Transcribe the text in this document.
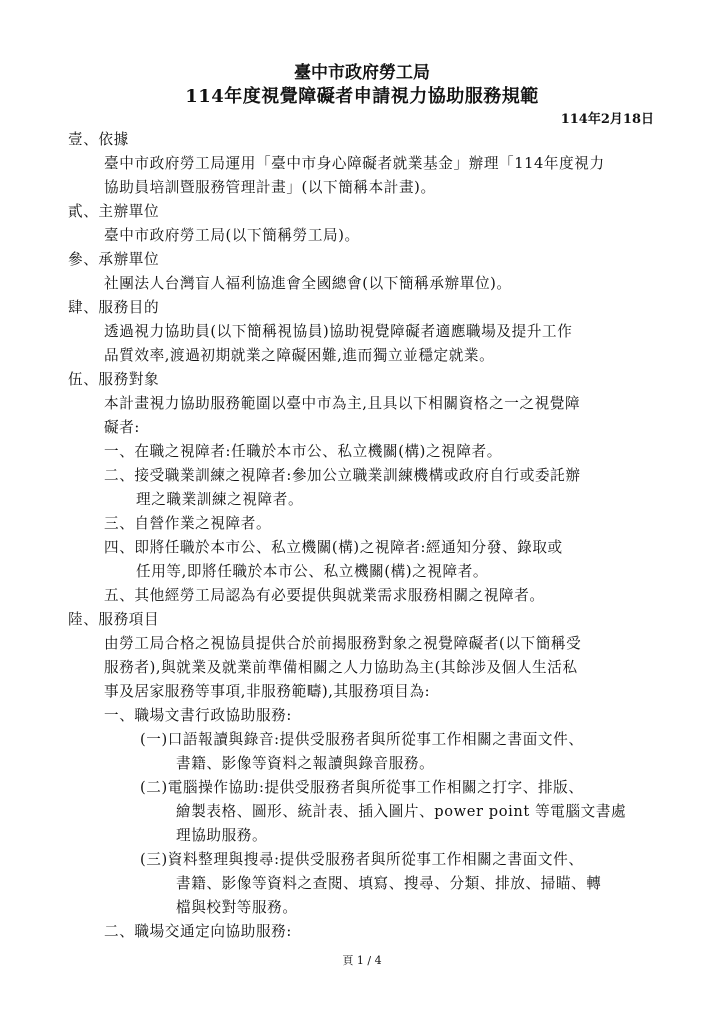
臺中市政府勞工局
114年度視覺障礙者申請視力協助服務規範
114年2月18日
壹、依據
臺中市政府勞工局運用「臺中市身心障礙者就業基金」辦理「114年度視力
協助員培訓暨服務管理計畫」(以下簡稱本計畫)。
貳、主辦單位
臺中市政府勞工局(以下簡稱勞工局)。
參、承辦單位
社團法人台灣盲人福利協進會全國總會(以下簡稱承辦單位)。
肆、服務目的
透過視力協助員(以下簡稱視協員)協助視覺障礙者適應職場及提升工作
品質效率,渡過初期就業之障礙困難,進而獨立並穩定就業。
伍、服務對象
本計畫視力協助服務範圍以臺中市為主,且具以下相關資格之一之視覺障
礙者:
一、在職之視障者:任職於本市公、私立機關(構)之視障者。
二、接受職業訓練之視障者:參加公立職業訓練機構或政府自行或委託辦
理之職業訓練之視障者。
三、自營作業之視障者。
四、即將任職於本市公、私立機關(構)之視障者:經通知分發、錄取或
任用等,即將任職於本市公、私立機關(構)之視障者。
五、其他經勞工局認為有必要提供與就業需求服務相關之視障者。
陸、服務項目
由勞工局合格之視協員提供合於前揭服務對象之視覺障礙者(以下簡稱受
服務者),與就業及就業前準備相關之人力協助為主(其餘涉及個人生活私
事及居家服務等事項,非服務範疇),其服務項目為:
一、職場文書行政協助服務:
(一)口語報讀與錄音:提供受服務者與所從事工作相關之書面文件、
書籍、影像等資料之報讀與錄音服務。
(二)電腦操作協助:提供受服務者與所從事工作相關之打字、排版、
繪製表格、圖形、統計表、插入圖片、power point 等電腦文書處
理協助服務。
(三)資料整理與搜尋:提供受服務者與所從事工作相關之書面文件、
書籍、影像等資料之查閱、填寫、搜尋、分類、排放、掃瞄、轉
檔與校對等服務。
二、職場交通定向協助服務:
頁 1 / 4
